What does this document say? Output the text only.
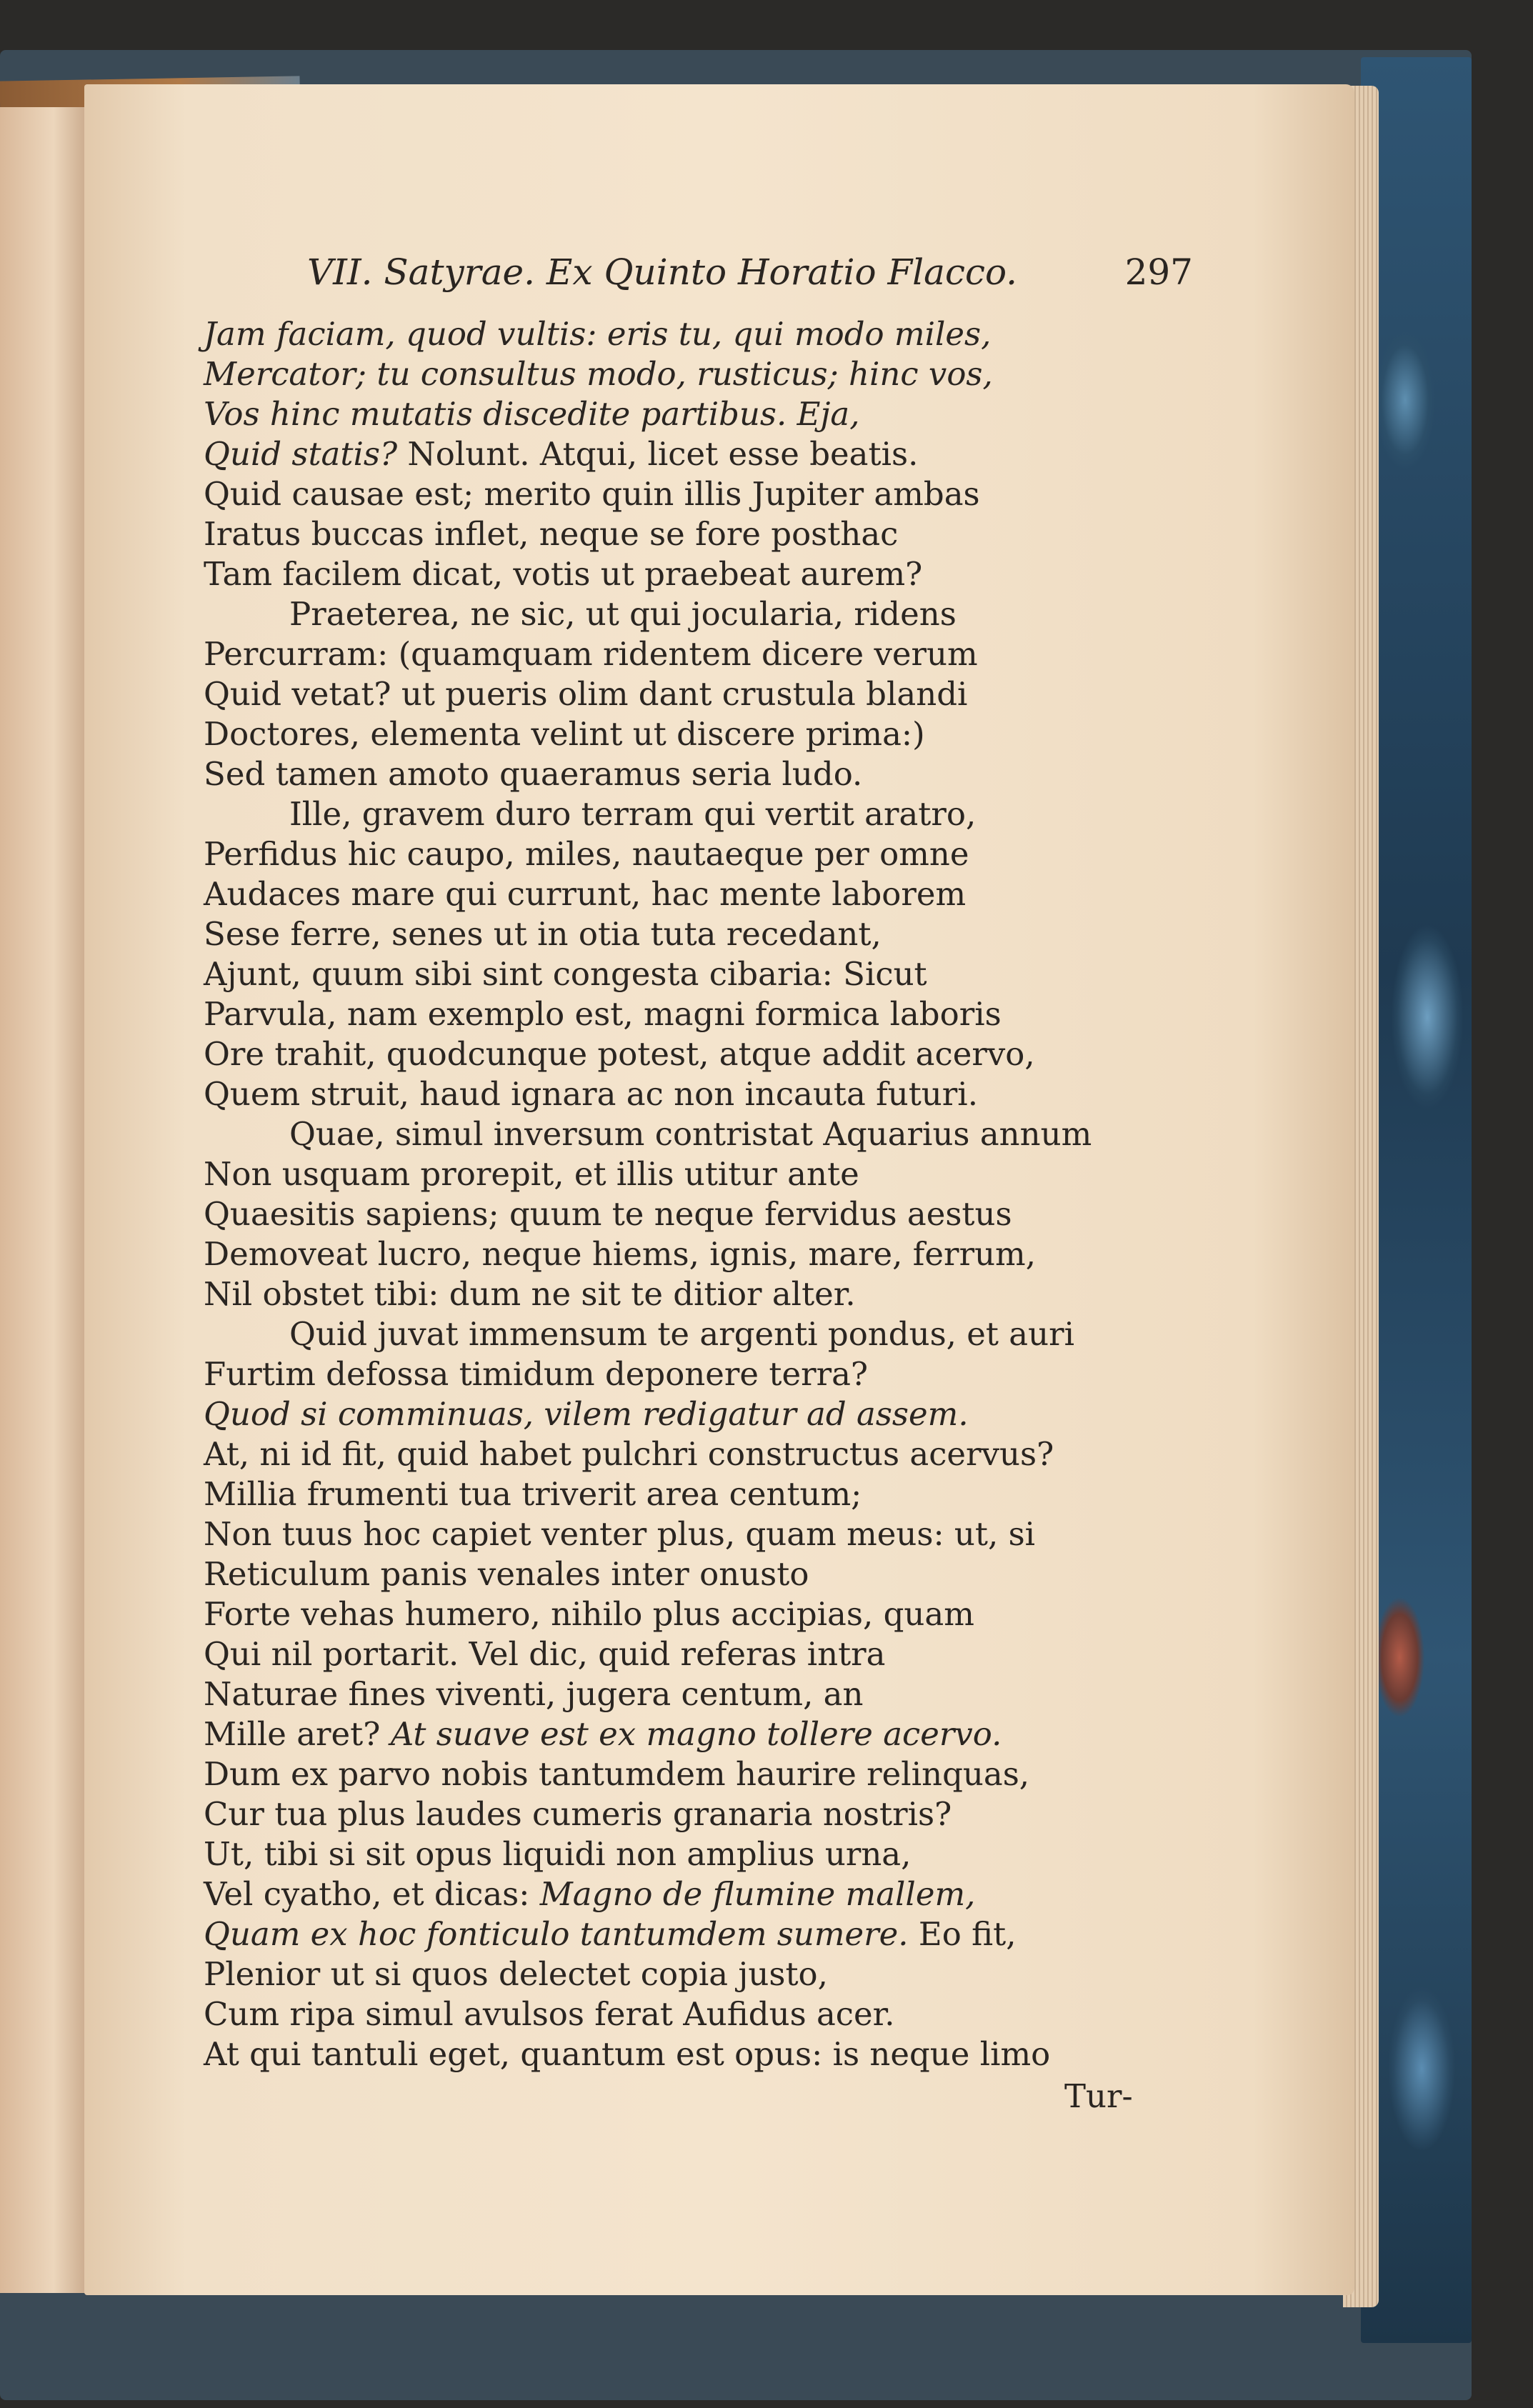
VII. Satyrae. Ex Quinto Horatio Flacco.	297
Jam faciam, quod vultis: eris tu, qui modo miles,
Mercator; tu consultus modo, rusticus; hinc vos,
Vos hinc mutatis discedite partibus. Eja,
Quid statis? Nolunt. Atqui, licet esse beatis.
Quid causae est; merito quin illis Jupiter ambas
Iratus buccas inflet, neque se fore posthac
Tam facilem dicat, votis ut praebeat aurem?
Praeterea, ne sic, ut qui jocularia, ridens
Percurram: (quamquam ridentem dicere verum
Quid vetat? ut pueris olim dant crustula blandi
Doctores, elementa velint ut discere prima:)
Sed tamen amoto quaeramus seria ludo.
Ille, gravem duro terram qui vertit aratro,
Perfidus hic caupo, miles, nautaeque per omne
Audaces mare qui currunt, hac mente laborem
Sese ferre, senes ut in otia tuta recedant,
Ajunt, quum sibi sint congesta cibaria: Sicut
Parvula, nam exemplo est, magni formica laboris
Ore trahit, quodcunque potest, atque addit acervo,
Quem struit, haud ignara ac non incauta futuri.
Quae, simul inversum contristat Aquarius annum
Non usquam prorepit, et illis utitur ante
Quaesitis sapiens; quum te neque fervidus aestus
Demoveat lucro, neque hiems, ignis, mare, ferrum,
Nil obstet tibi: dum ne sit te ditior alter.
Quid juvat immensum te argenti pondus, et auri
Furtim defossa timidum deponere terra?
Quod si comminuas, vilem redigatur ad assem.
At, ni id fit, quid habet pulchri constructus acervus?
Millia frumenti tua triverit area centum;
Non tuus hoc capiet venter plus, quam meus: ut, si
Reticulum panis venales inter onusto
Forte vehas humero, nihilo plus accipias, quam
Qui nil portarit. Vel dic, quid referas intra
Naturae fines viventi, jugera centum, an
Mille aret? At suave est ex magno tollere acervo.
Dum ex parvo nobis tantumdem haurire relinquas,
Cur tua plus laudes cumeris granaria nostris?
Ut, tibi si sit opus liquidi non amplius urna,
Vel cyatho, et dicas: Magno de flumine mallem,
Quam ex hoc fonticulo tantumdem sumere. Eo fit,
Plenior ut si quos delectet copia justo,
Cum ripa simul avulsos ferat Aufidus acer.
At qui tantuli eget, quantum est opus: is neque limo
Tur-
